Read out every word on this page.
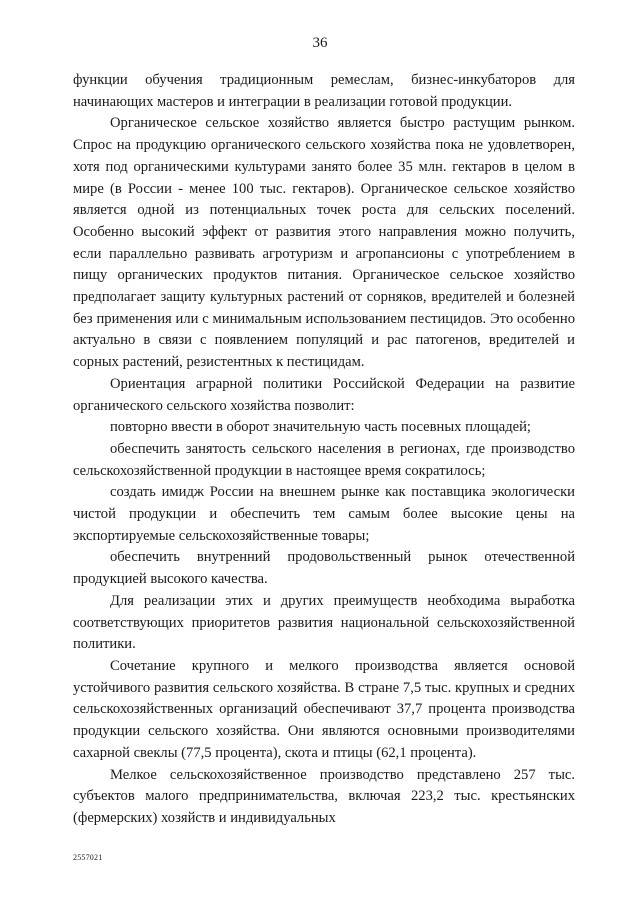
36

функции обучения традиционным ремеслам, бизнес-инкубаторов для начинающих мастеров и интеграции в реализации готовой продукции.

Органическое сельское хозяйство является быстро растущим рынком. Спрос на продукцию органического сельского хозяйства пока не удовлетворен, хотя под органическими культурами занято более 35 млн. гектаров в целом в мире (в России - менее 100 тыс. гектаров). Органическое сельское хозяйство является одной из потенциальных точек роста для сельских поселений. Особенно высокий эффект от развития этого направления можно получить, если параллельно развивать агротуризм и агропансионы с употреблением в пищу органических продуктов питания. Органическое сельское хозяйство предполагает защиту культурных растений от сорняков, вредителей и болезней без применения или с минимальным использованием пестицидов. Это особенно актуально в связи с появлением популяций и рас патогенов, вредителей и сорных растений, резистентных к пестицидам.

Ориентация аграрной политики Российской Федерации на развитие органического сельского хозяйства позволит:

повторно ввести в оборот значительную часть посевных площадей;

обеспечить занятость сельского населения в регионах, где производство сельскохозяйственной продукции в настоящее время сократилось;

создать имидж России на внешнем рынке как поставщика экологически чистой продукции и обеспечить тем самым более высокие цены на экспортируемые сельскохозяйственные товары;

обеспечить внутренний продовольственный рынок отечественной продукцией высокого качества.

Для реализации этих и других преимуществ необходима выработка соответствующих приоритетов развития национальной сельскохозяйственной политики.

Сочетание крупного и мелкого производства является основой устойчивого развития сельского хозяйства. В стране 7,5 тыс. крупных и средних сельскохозяйственных организаций обеспечивают 37,7 процента производства продукции сельского хозяйства. Они являются основными производителями сахарной свеклы (77,5 процента), скота и птицы (62,1 процента).

Мелкое сельскохозяйственное производство представлено 257 тыс. субъектов малого предпринимательства, включая 223,2 тыс. крестьянских (фермерских) хозяйств и индивидуальных

2557021
